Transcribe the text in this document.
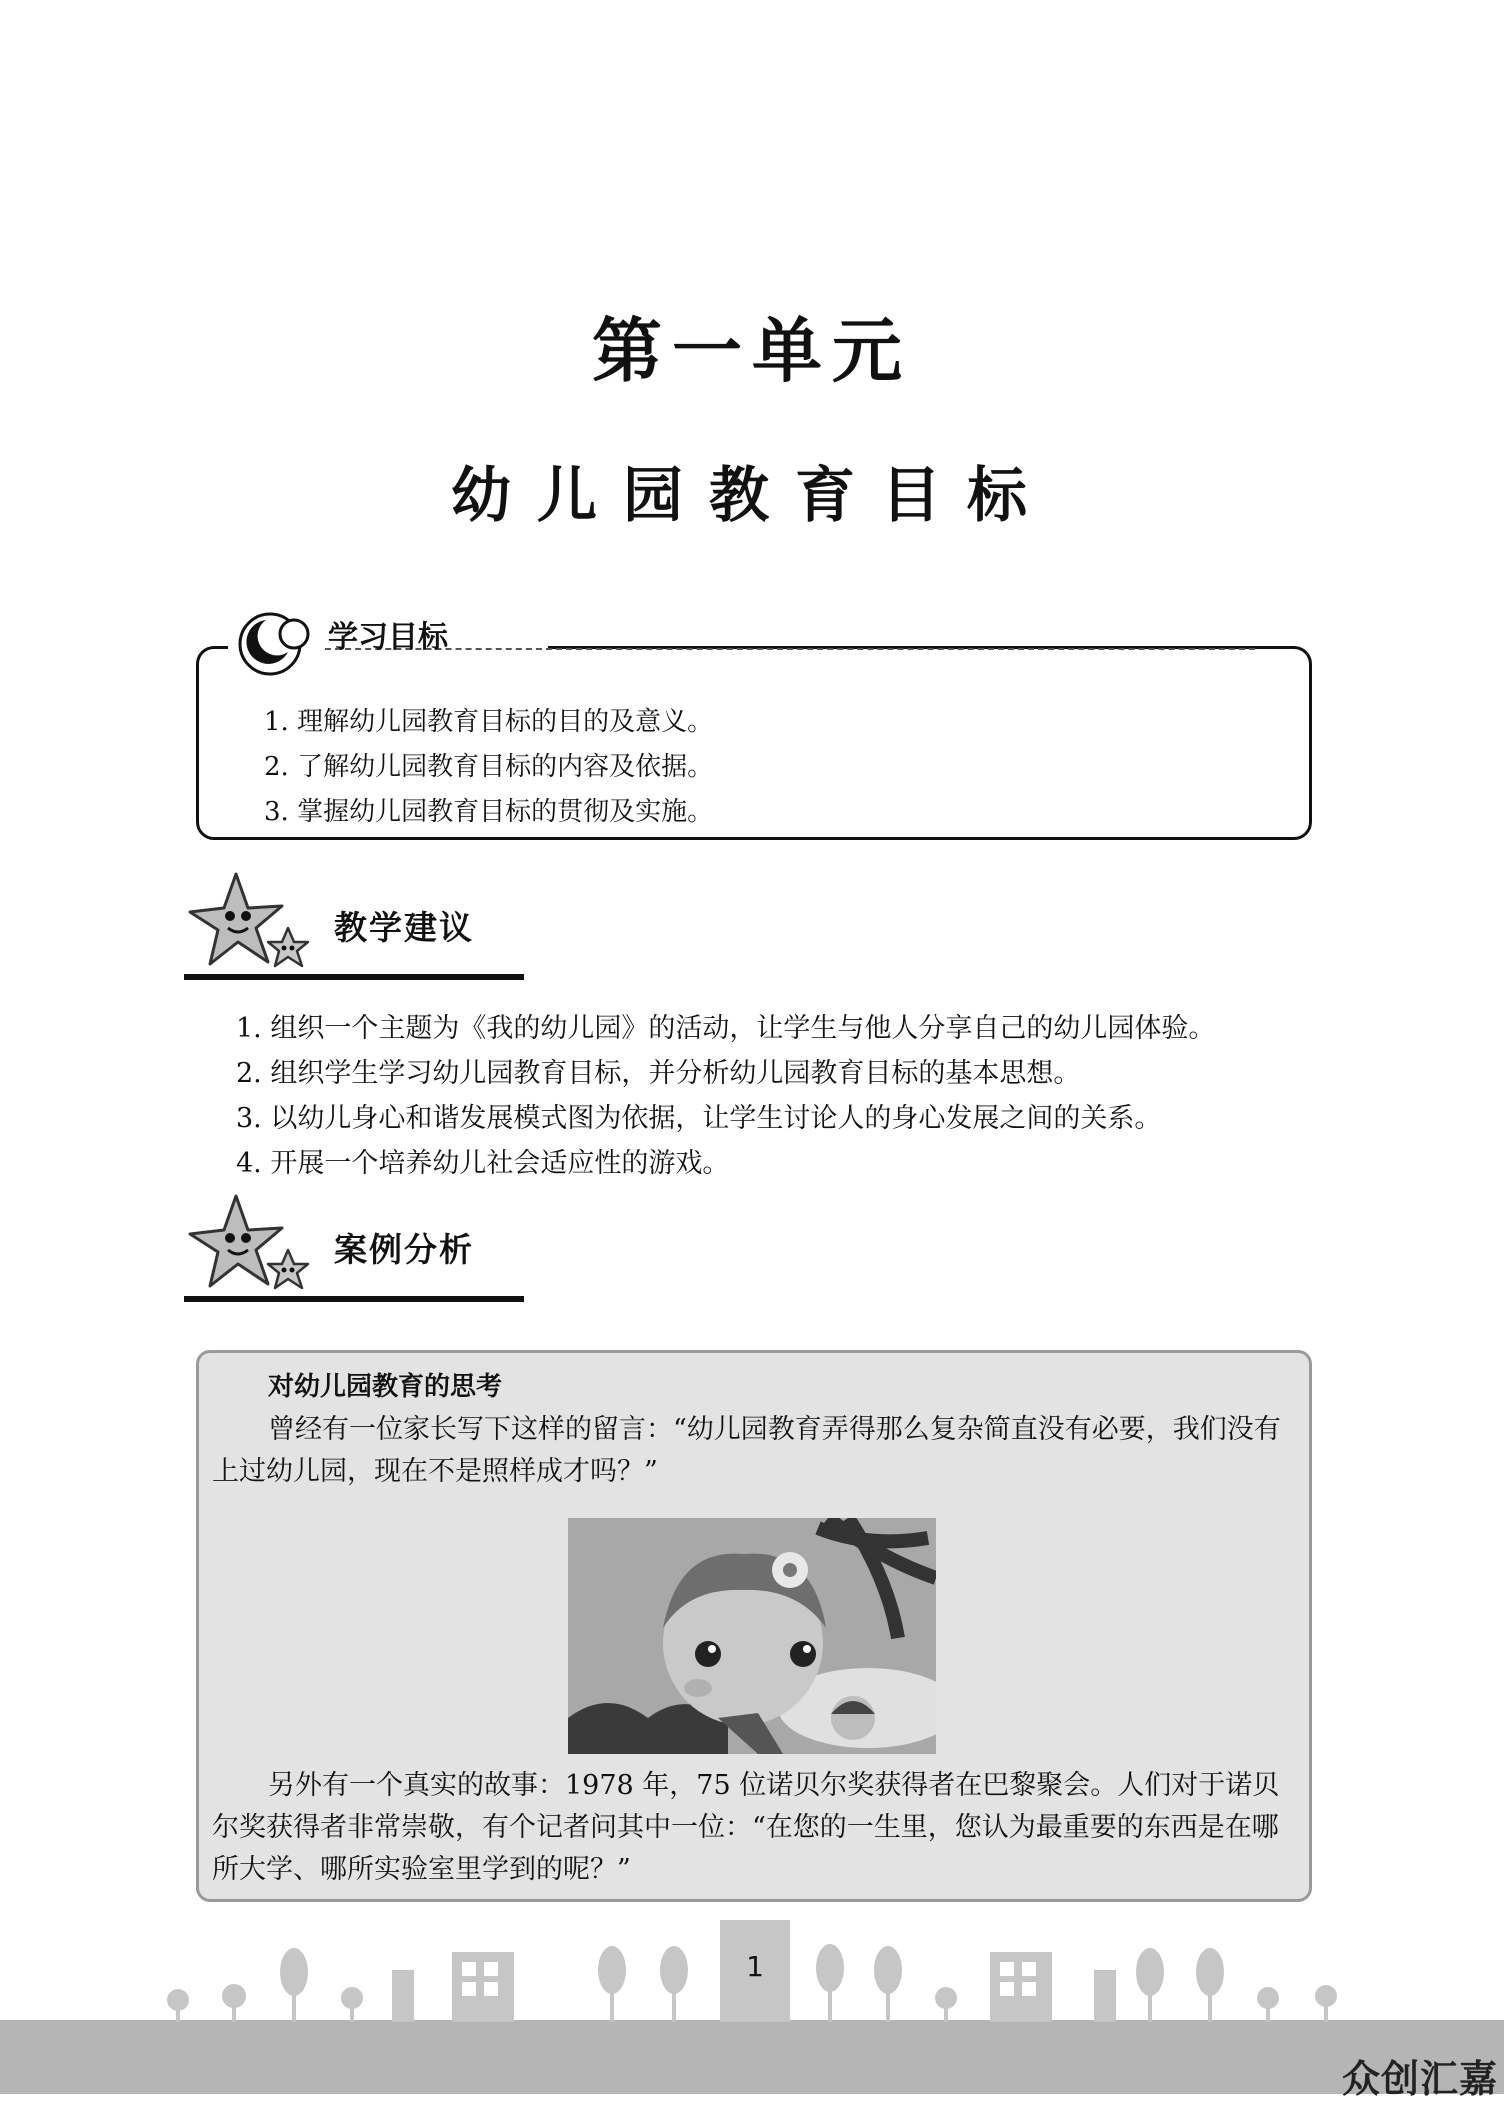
第一单元
幼儿园教育目标
学习目标
1. 理解幼儿园教育目标的目的及意义。
2. 了解幼儿园教育目标的内容及依据。
3. 掌握幼儿园教育目标的贯彻及实施。
教学建议
1. 组织一个主题为《我的幼儿园》的活动，让学生与他人分享自己的幼儿园体验。
2. 组织学生学习幼儿园教育目标，并分析幼儿园教育目标的基本思想。
3. 以幼儿身心和谐发展模式图为依据，让学生讨论人的身心发展之间的关系。
4. 开展一个培养幼儿社会适应性的游戏。
案例分析
对幼儿园教育的思考

曾经有一位家长写下这样的留言：“幼儿园教育弄得那么复杂简直没有必要，我们没有上过幼儿园，现在不是照样成才吗？”

另外有一个真实的故事：1978 年，75 位诺贝尔奖获得者在巴黎聚会。人们对于诺贝尔奖获得者非常崇敬，有个记者问其中一位：“在您的一生里，您认为最重要的东西是在哪所大学、哪所实验室里学到的呢？”

1
众创汇嘉
